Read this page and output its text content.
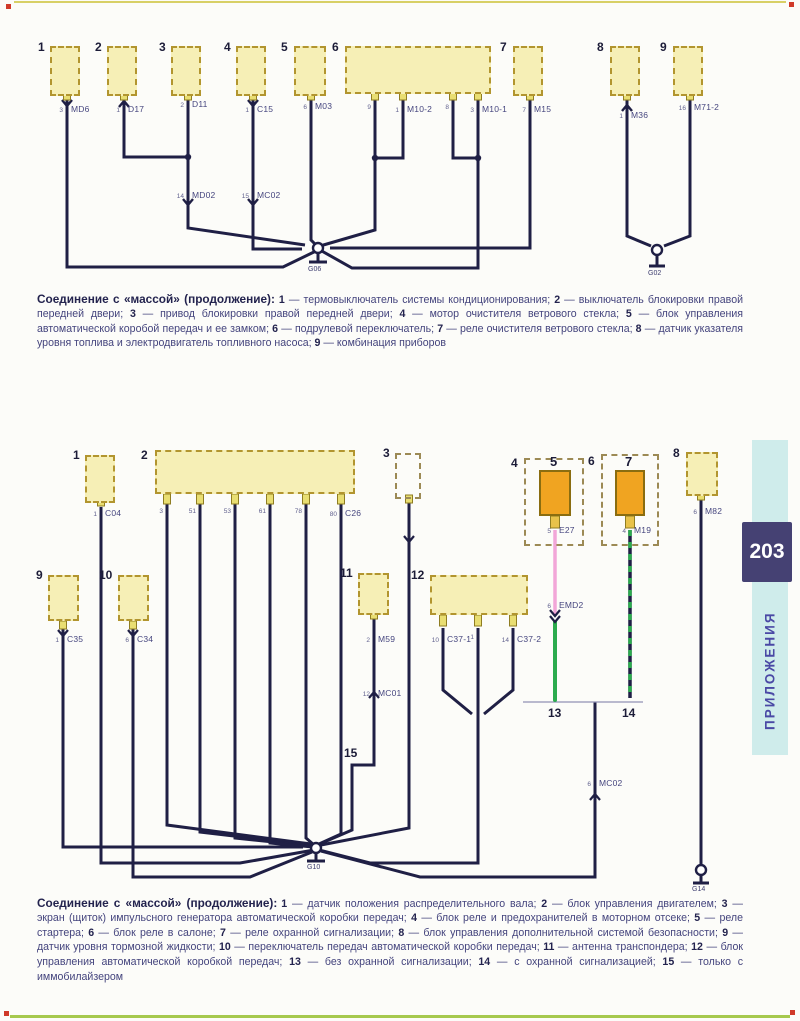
1	2	3	4	5	6	7	8	9
3 MD6	1 D17	2 D11
1 C15	6 M03	9	1 M10-2	8	3 M10-1	7 M15
1 M36
16 M71-2
14 MD02	15 MC02
G06
G02

Соединение с «массой» (продолжение): 1 — термовыключатель системы кондиционирования; 2 — выключатель блокировки правой передней двери; 3 — привод блокировки правой передней двери; 4 — мотор очистителя ветрового стекла; 5 — блок управления автоматической коробой передач и ее замком; 6 — подрулевой переключатель; 7 — реле очистителя ветрового стекла; 8 — датчик указателя уровня топлива и электродвигатель топливного насоса; 9 — комбинация приборов

1	2	3
4 5	6 7
8
9	10	11	12
1 C04	3	51	53	61	78	80 C26
5 E27	4 M19
6 M82
1 C35	6 C34	2 M59	10 C37-1 1	14 C37-2
6 EMD2
12 MC01
6 MC02
13	14
15
G10
G14
203
ПРИЛОЖЕНИЯ

Соединение с «массой» (продолжение): 1 — датчик положения распределительного вала; 2 — блок управления двигателем; 3 — экран (щиток) импульсного генератора автоматической коробки передач; 4 — блок реле и предохранителей в моторном отсеке; 5 — реле стартера; 6 — блок реле в салоне; 7 — реле охранной сигнализации; 8 — блок управления дополнительной системой безопасности; 9 — датчик уровня тормозной жидкости; 10 — переключатель передач автоматической коробки передач; 11 — антенна транспондера; 12 — блок управления автоматической коробкой передач; 13 — без охранной сигнализации; 14 — с охранной сигнализацией; 15 — только с иммобилайзером
